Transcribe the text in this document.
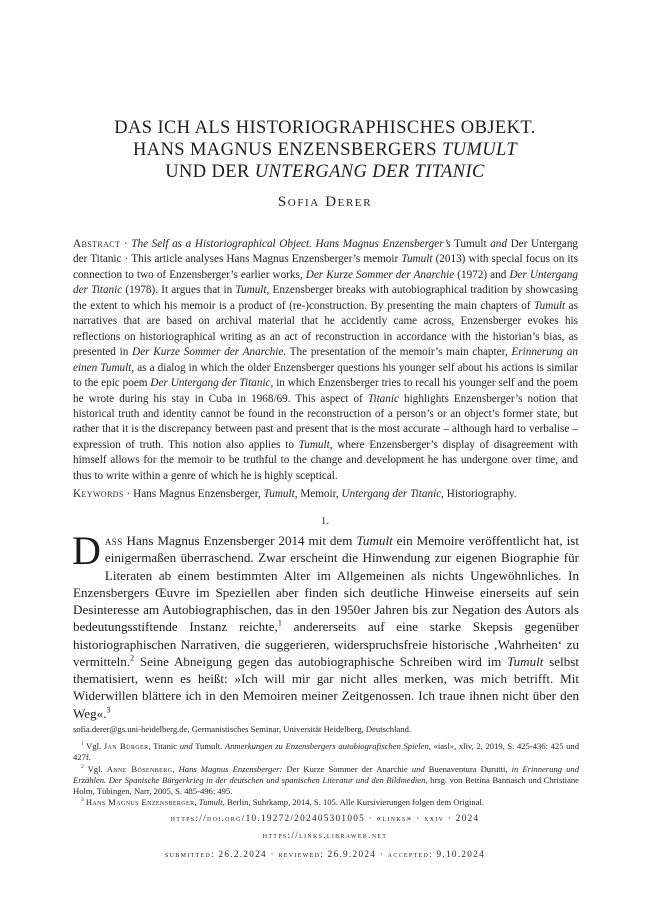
DAS ICH ALS HISTORIOGRAPHISCHES OBJEKT.
HANS MAGNUS ENZENSBERGERS TUMULT
UND DER UNTERGANG DER TITANIC
Sofia Derer
Abstract · The Self as a Historiographical Object. Hans Magnus Enzensberger’s Tumult and Der Untergang der Titanic · This article analyses Hans Magnus Enzensberger’s memoir Tumult (2013) with special focus on its connection to two of Enzensberger’s earlier works, Der Kurze Sommer der Anarchie (1972) and Der Untergang der Titanic (1978). It argues that in Tumult, Enzensberger breaks with autobiographical tradition by showcasing the extent to which his memoir is a product of (re-)construction. By presenting the main chapters of Tumult as narratives that are based on archival material that he accidently came across, Enzensberger evokes his reflections on historiographical writing as an act of reconstruction in accordance with the historian’s bias, as presented in Der Kurze Sommer der Anarchie. The presentation of the memoir’s main chapter, Erinnerung an einen Tumult, as a dialog in which the older Enzensberger questions his younger self about his actions is similar to the epic poem Der Untergang der Titanic, in which Enzensberger tries to recall his younger self and the poem he wrote during his stay in Cuba in 1968/69. This aspect of Titanic highlights Enzensberger’s notion that historical truth and identity cannot be found in the reconstruction of a person’s or an object’s former state, but rather that it is the discrepancy between past and present that is the most accurate – although hard to verbalise – expression of truth. This notion also applies to Tumult, where Enzensberger’s display of disagreement with himself allows for the memoir to be truthful to the change and development he has undergone over time, and thus to write within a genre of which he is highly sceptical.
Keywords · Hans Magnus Enzensberger, Tumult, Memoir, Untergang der Titanic, Historiography.
1.
Dass Hans Magnus Enzensberger 2014 mit dem Tumult ein Memoire veröffentlicht hat, ist einigermaßen überraschend. Zwar erscheint die Hinwendung zur eigenen Biographie für Literaten ab einem bestimmten Alter im Allgemeinen als nichts Ungewöhnliches. In Enzensbergers Œuvre im Speziellen aber finden sich deutliche Hinweise einerseits auf sein Desinteresse am Autobiographischen, das in den 1950er Jahren bis zur Negation des Autors als bedeutungsstiftende Instanz reichte,$^1$ andererseits auf eine starke Skepsis gegenüber historiographischen Narrativen, die suggerieren, widerspruchsfreie historische ‚Wahrheiten‘ zu vermitteln.$^2$ Seine Abneigung gegen das autobiographische Schreiben wird im Tumult selbst thematisiert, wenn es heißt: »Ich will mir gar nicht alles merken, was mich betrifft. Mit Widerwillen blättere ich in den Memoiren meiner Zeitgenossen. Ich traue ihnen nicht über den Weg«.$^3$

sofia.derer@gs.uni-heidelberg.de, Germanistisches Seminar, Universität Heidelberg, Deutschland.

$^1$ Vgl. Jan Bürger, Titanic und Tumult. Anmerkungen zu Enzensbergers autobiografischen Spielen, «iasl», xliv, 2, 2019, S. 425-436: 425 und 427f.

$^2$ Vgl. Anne Bösenberg, Hans Magnus Enzensberger: Der Kurze Sommer der Anarchie und Buenaventura Durutti, in Erinnerung und Erzählen. Der Spanische Bürgerkrieg in der deutschen und spanischen Literatur und den Bildmedien, hrsg. von Bettina Bannasch und Christiane Holm, Tübingen, Narr, 2005, S. 485-496: 495.

$^3$ Hans Magnus Enzensberger, Tumult, Berlin, Suhrkamp, 2014, S. 105. Alle Kursivierungen folgen dem Original.

https://doi.org/10.19272/202405301005 · «links» · xxiv · 2024
https://links.libraweb.net
submitted: 26.2.2024 · reviewed: 26.9.2024 · accepted: 9.10.2024
